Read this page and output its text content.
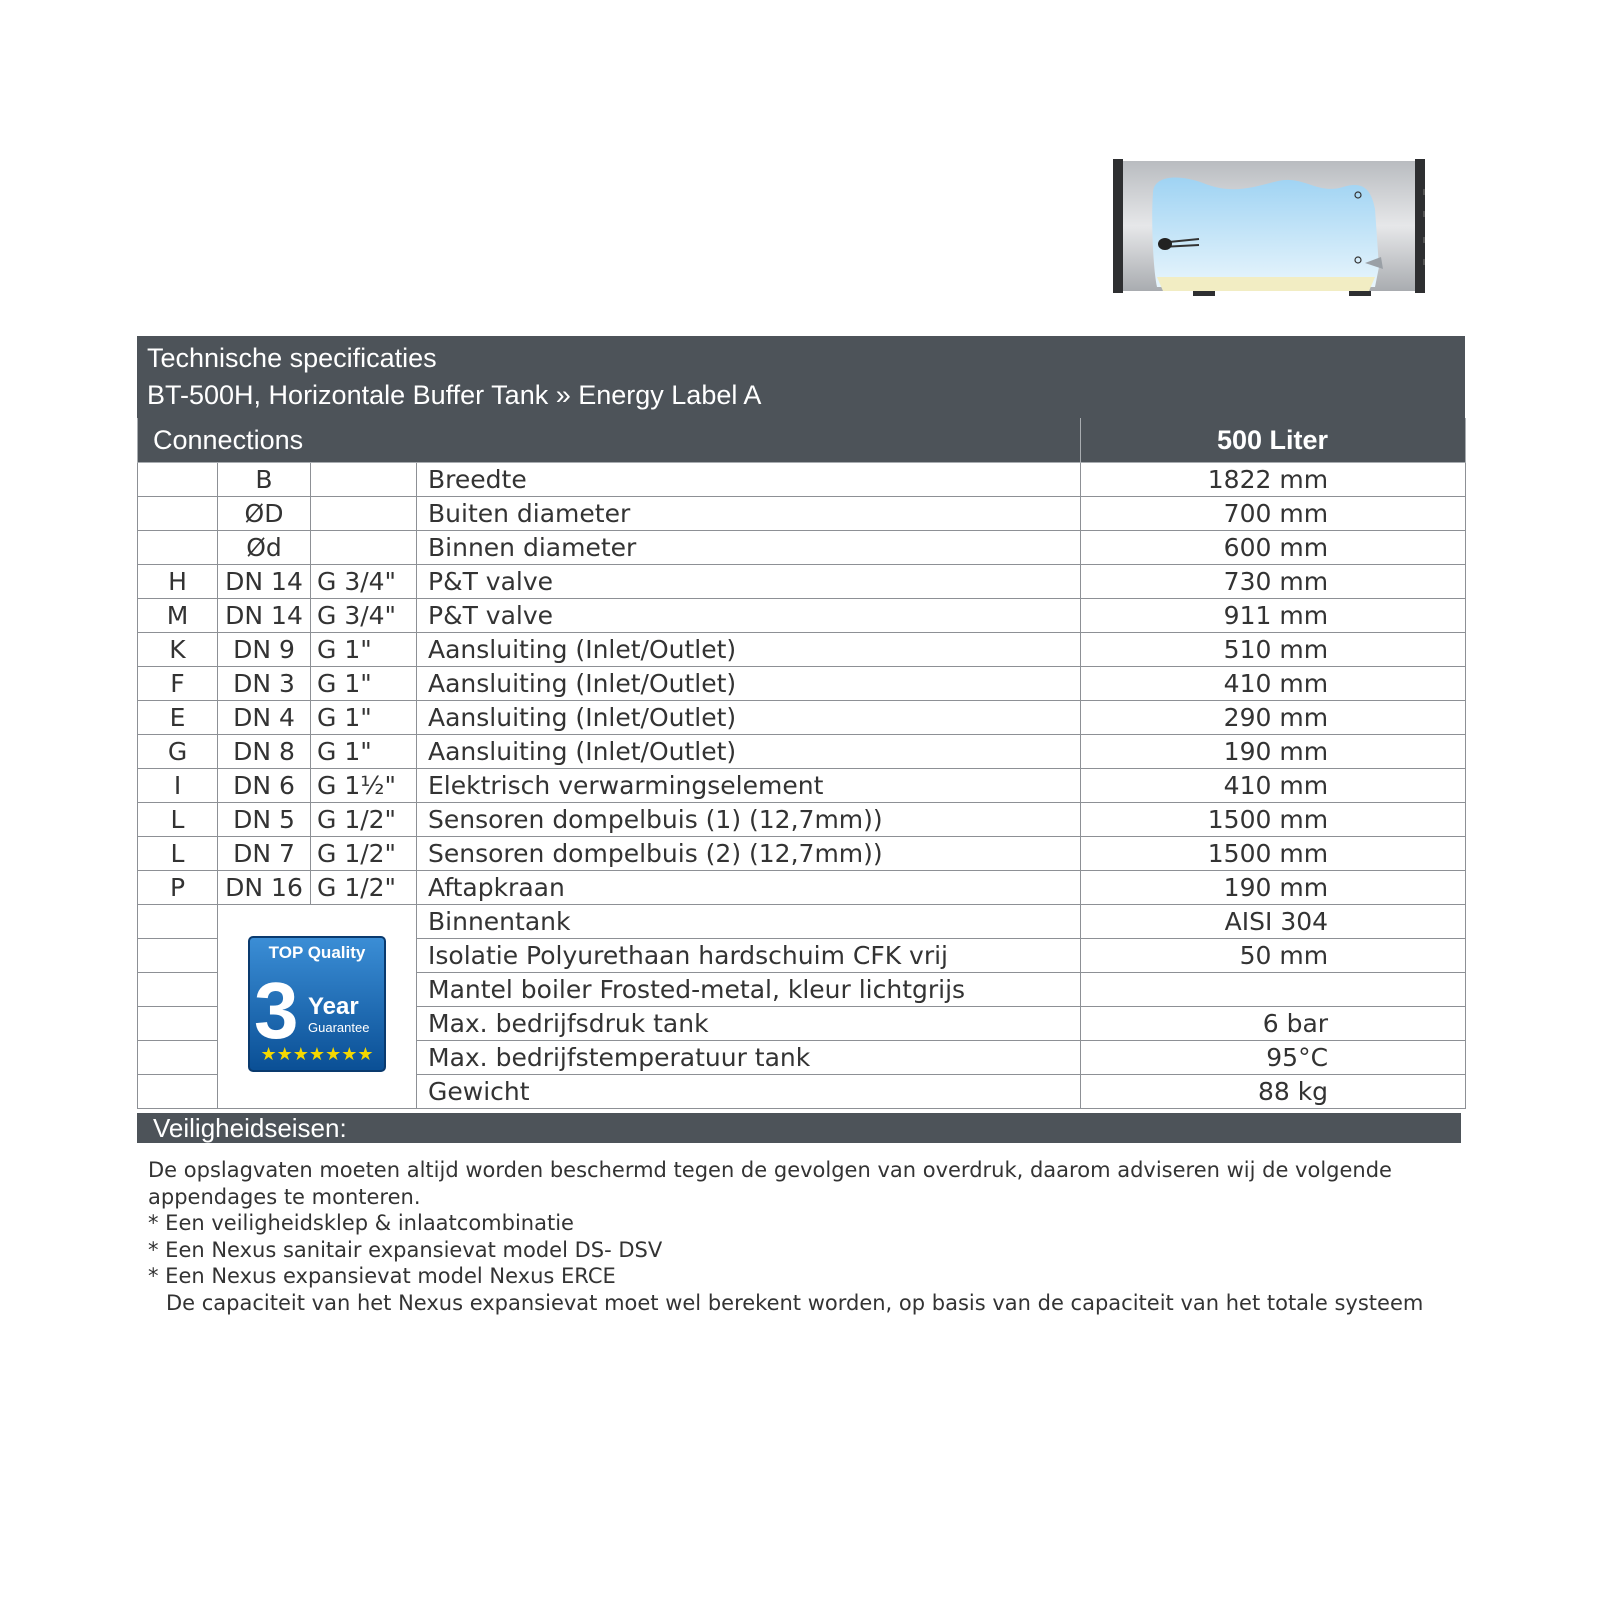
Technische specificaties
BT-500H, Horizontale Buffer Tank » Energy Label A
Connections				500 Liter
	B		Breedte	1822 mm
	ØD		Buiten diameter	700 mm
	Ød		Binnen diameter	600 mm
H	DN 14	G 3/4"	P&T valve	730 mm
M	DN 14	G 3/4"	P&T valve	911 mm
K	DN 9	G 1"	Aansluiting (Inlet/Outlet)	510 mm
F	DN 3	G 1"	Aansluiting (Inlet/Outlet)	410 mm
E	DN 4	G 1"	Aansluiting (Inlet/Outlet)	290 mm
G	DN 8	G 1"	Aansluiting (Inlet/Outlet)	190 mm
I	DN 6	G 1½"	Elektrisch verwarmingselement	410 mm
L	DN 5	G 1/2"	Sensoren dompelbuis (1) (12,7mm))	1500 mm
L	DN 7	G 1/2"	Sensoren dompelbuis (2) (12,7mm))	1500 mm
P	DN 16	G 1/2"	Aftapkraan	190 mm

TOP Quality
3 Year
Guarantee
★★★★★★★		Binnentank	AISI 304
			Isolatie Polyurethaan hardschuim CFK vrij	50 mm
			Mantel boiler Frosted-metal, kleur lichtgrijs	
			Max. bedrijfsdruk tank	6 bar
			Max. bedrijfstemperatuur tank	95°C
			Gewicht	88 kg
Veiligheidseisen:

De opslagvaten moeten altijd worden beschermd tegen de gevolgen van overdruk, daarom adviseren wij de volgende appendages te monteren.

* Een veiligheidsklep & inlaatcombinatie

* Een Nexus sanitair expansievat model DS- DSV

* Een Nexus expansievat model Nexus ERCE

De capaciteit van het Nexus expansievat moet wel berekent worden, op basis van de capaciteit van het totale systeem
